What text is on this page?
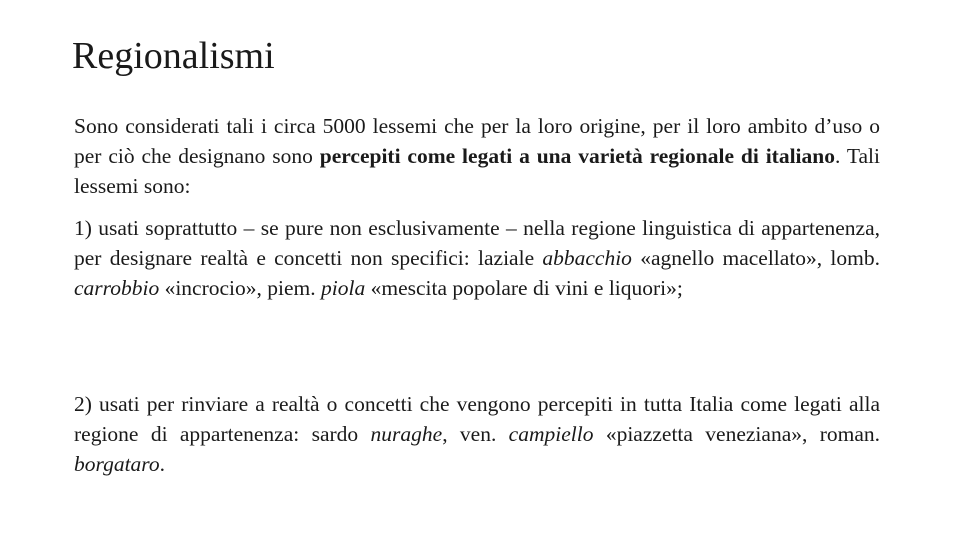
Regionalismi

Sono considerati tali i circa 5000 lessemi che per la loro origine, per il loro ambito d’uso o per ciò che designano sono percepiti come legati a una varietà regionale di italiano. Tali lessemi sono:

1) usati soprattutto – se pure non esclusivamente – nella regione linguistica di appartenenza, per designare realtà e concetti non specifici: laziale abbacchio «agnello macellato», lomb. carrobbio «incrocio», piem. piola «mescita popolare di vini e liquori»;

2) usati per rinviare a realtà o concetti che vengono percepiti in tutta Italia come legati alla regione di appartenenza: sardo nuraghe, ven. campiello «piazzetta veneziana», roman. borgataro.
